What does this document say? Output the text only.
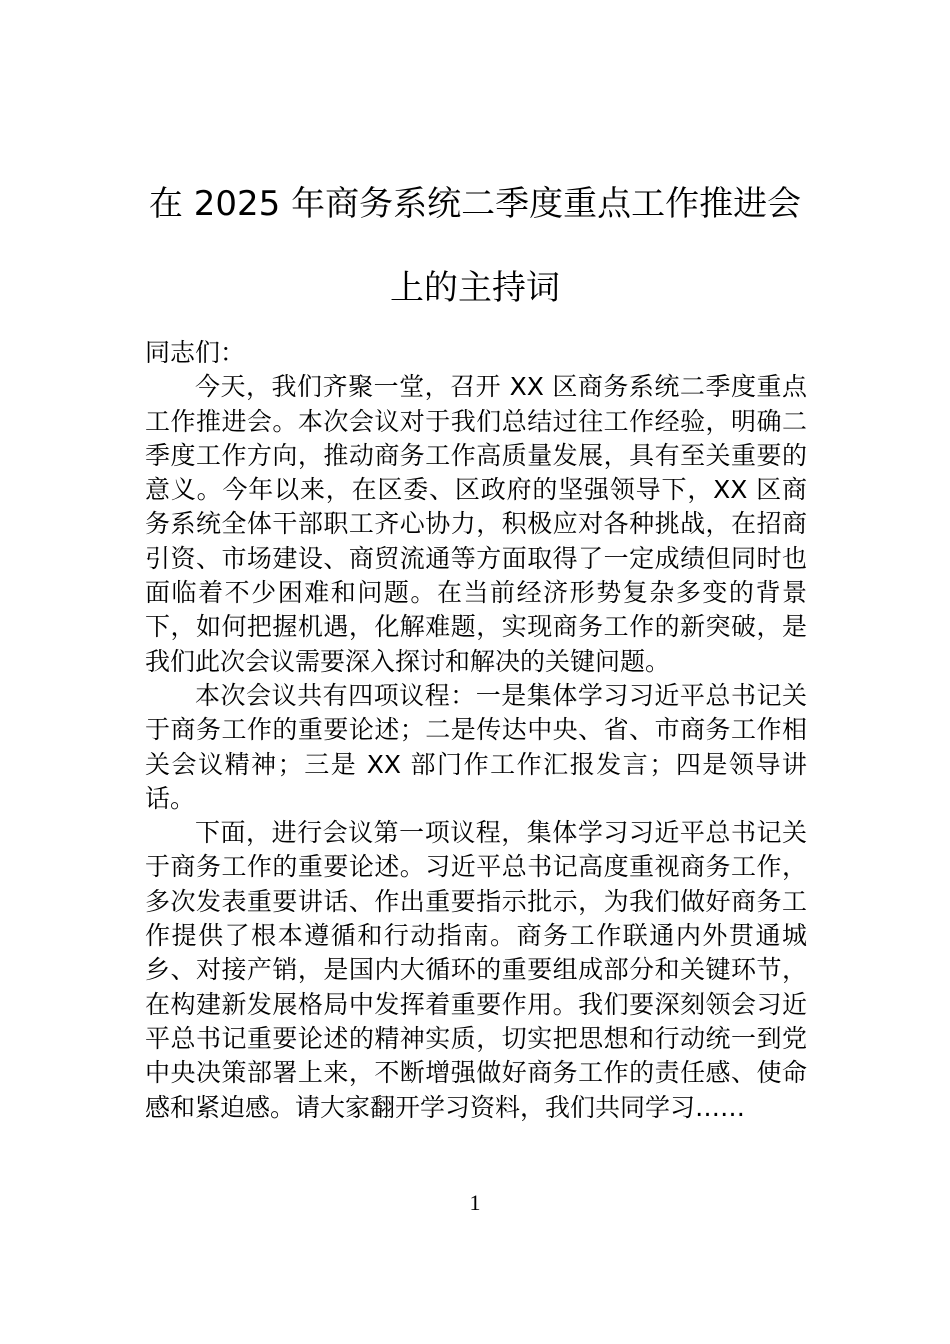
在 2025 年商务系统二季度重点工作推进会
上的主持词

同志们：

今天，我们齐聚一堂，召开 XX 区商务系统二季度重点工作推进会。本次会议对于我们总结过往工作经验，明确二季度工作方向，推动商务工作高质量发展，具有至关重要的意义。今年以来，在区委、区政府的坚强领导下，XX 区商务系统全体干部职工齐心协力，积极应对各种挑战，在招商引资、市场建设、商贸流通等方面取得了一定成绩但同时也面临着不少困难和问题。在当前经济形势复杂多变的背景下，如何把握机遇，化解难题，实现商务工作的新突破，是我们此次会议需要深入探讨和解决的关键问题。

本次会议共有四项议程：一是集体学习习近平总书记关于商务工作的重要论述；二是传达中央、省、市商务工作相关会议精神；三是 XX 部门作工作汇报发言；四是领导讲话。

下面，进行会议第一项议程，集体学习习近平总书记关于商务工作的重要论述。习近平总书记高度重视商务工作，多次发表重要讲话、作出重要指示批示，为我们做好商务工作提供了根本遵循和行动指南。商务工作联通内外贯通城乡、对接产销，是国内大循环的重要组成部分和关键环节，在构建新发展格局中发挥着重要作用。我们要深刻领会习近平总书记重要论述的精神实质，切实把思想和行动统一到党中央决策部署上来，不断增强做好商务工作的责任感、使命感和紧迫感。请大家翻开学习资料，我们共同学习……

1
